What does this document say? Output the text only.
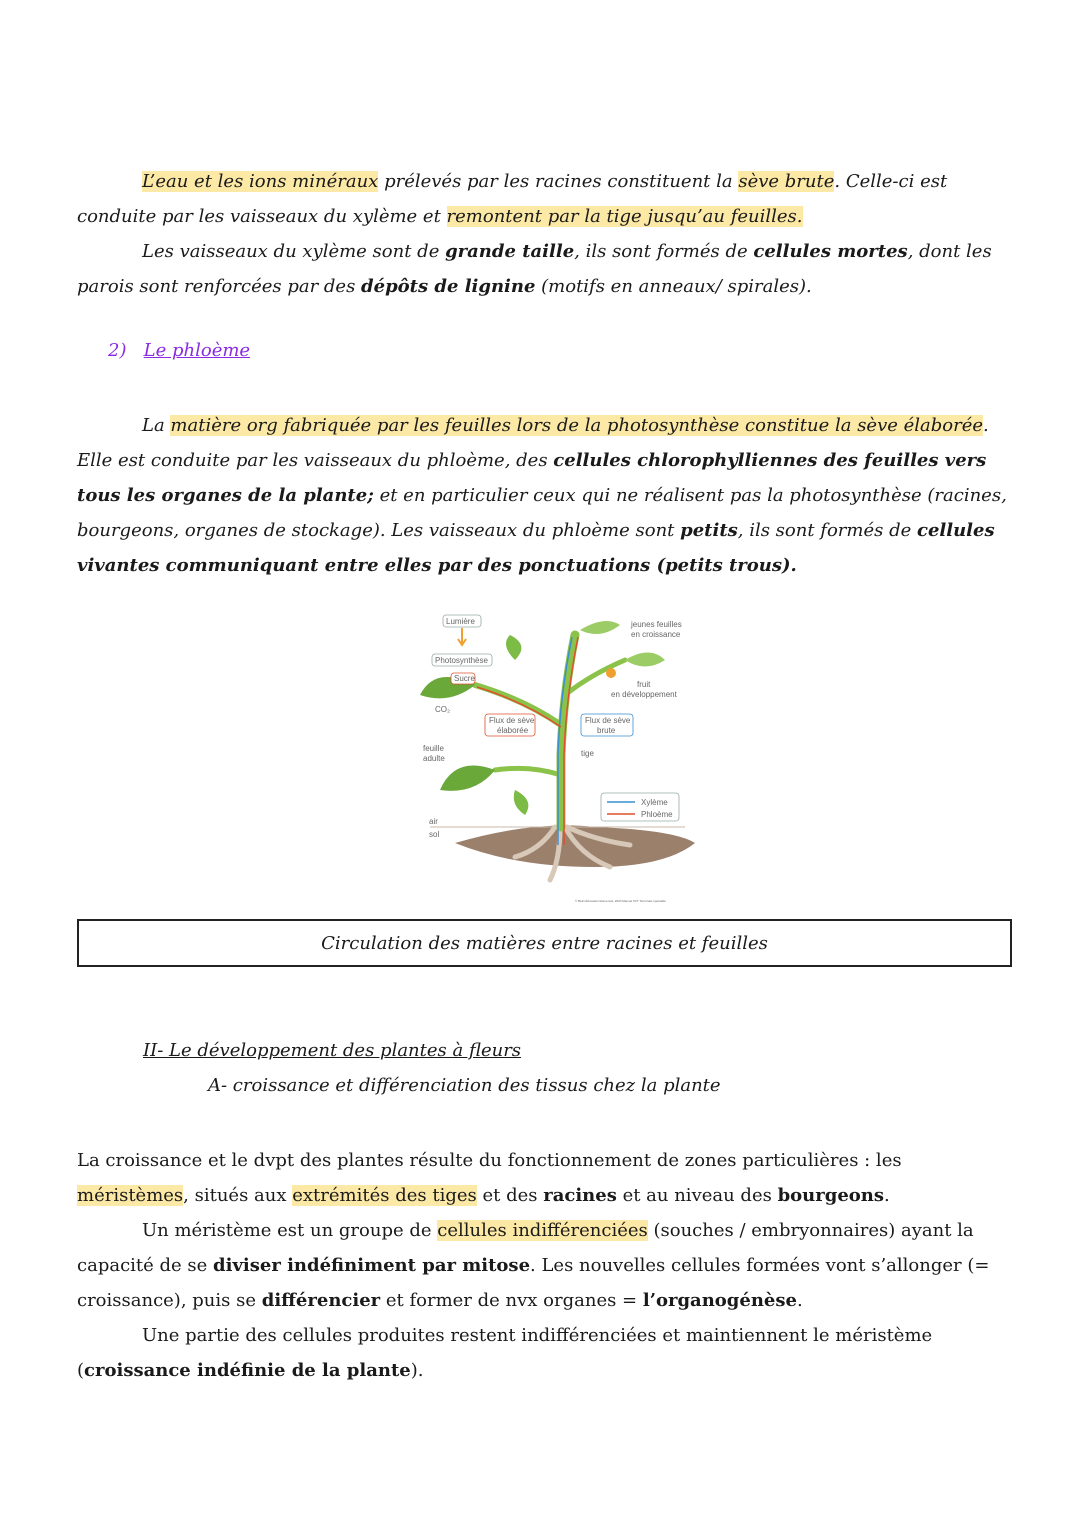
L’eau et les ions minéraux prélevés par les racines constituent la sève brute. Celle-ci est conduite par les vaisseaux du xylème et remontent par la tige jusqu’au feuilles.

Les vaisseaux du xylème sont de grande taille, ils sont formés de cellules mortes, dont les parois sont renforcées par des dépôts de lignine (motifs en anneaux/ spirales).

2) Le phloème

La matière org fabriquée par les feuilles lors de la photosynthèse constitue la sève élaborée. Elle est conduite par les vaisseaux du phloème, des cellules chlorophylliennes des feuilles vers tous les organes de la plante; et en particulier ceux qui ne réalisent pas la photosynthèse (racines, bourgeons, organes de stockage). Les vaisseaux du phloème sont petits, ils sont formés de cellules vivantes communiquant entre elles par des ponctuations (petits trous).

Lumière
Photosynthèse
Sucre
CO₂
feuille
adulte
air
sol
jeunes feuilles
en croissance
fruit
en développement
Flux de sève
élaborée
Flux de sève
brute
tige
Xylème
Phloème
© Belin Éducation/Humensis, 2020 Manuel SVT Terminale spécialité
Circulation des matières entre racines et feuilles
II- Le développement des plantes à fleurs
A- croissance et différenciation des tissus chez la plante

La croissance et le dvpt des plantes résulte du fonctionnement de zones particulières : les méristèmes, situés aux extrémités des tiges et des racines et au niveau des bourgeons.

Un méristème est un groupe de cellules indifférenciées (souches / embryonnaires) ayant la capacité de se diviser indéfiniment par mitose. Les nouvelles cellules formées vont s’allonger (= croissance), puis se différencier et former de nvx organes = l’organogénèse.

Une partie des cellules produites restent indifférenciées et maintiennent le méristème (croissance indéfinie de la plante).
